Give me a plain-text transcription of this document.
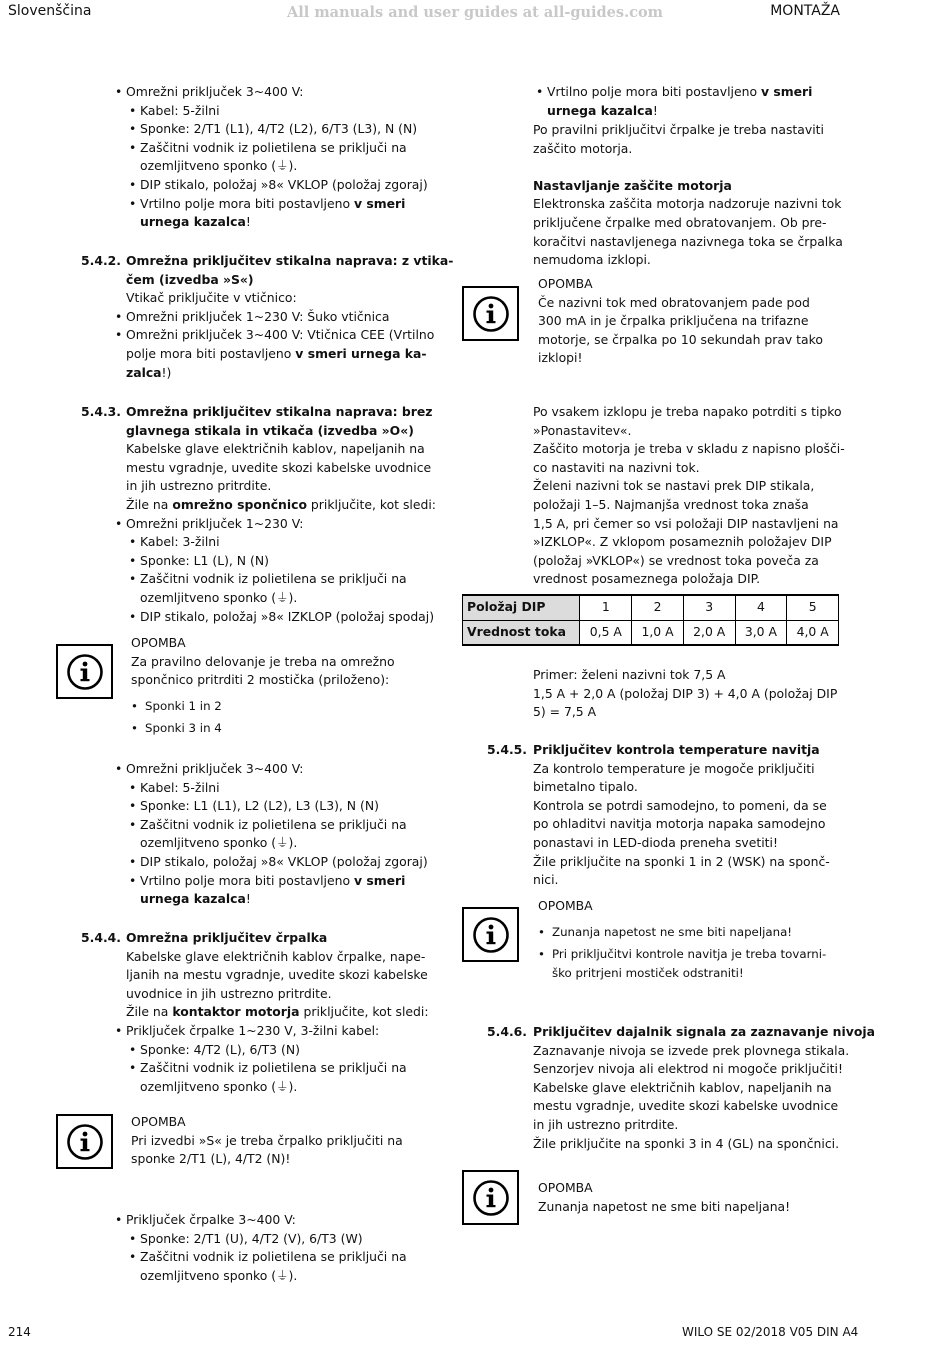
Slovenščina	All manuals and user guides at all-guides.com	MONTAŽA
• Omrežni priključek 3~400 V:
• Kabel: 5-žilni
• Sponke: 2/T1 (L1), 4/T2 (L2), 6/T3 (L3), N (N)
• Zaščitni vodnik iz polietilena se priključi na
ozemljitveno sponko (⏚).
• DIP stikalo, položaj »8« VKLOP (položaj zgoraj)
• Vrtilno polje mora biti postavljeno v smeri
urnega kazalca!
5.4.2. Omrežna priključitev stikalna naprava: z vtika-
čem (izvedba »S«)
Vtikač priključite v vtičnico:
• Omrežni priključek 1~230 V: Šuko vtičnica
• Omrežni priključek 3~400 V: Vtičnica CEE (Vrtilno
polje mora biti postavljeno v smeri urnega ka-
zalca!)
5.4.3. Omrežna priključitev stikalna naprava: brez
glavnega stikala in vtikača (izvedba »O«)
Kabelske glave električnih kablov, napeljanih na
mestu vgradnje, uvedite skozi kabelske uvodnice
in jih ustrezno pritrdite.
Žile na omrežno spončnico priključite, kot sledi:
• Omrežni priključek 1~230 V:
• Kabel: 3-žilni
• Sponke: L1 (L), N (N)
• Zaščitni vodnik iz polietilena se priključi na
ozemljitveno sponko (⏚).
• DIP stikalo, položaj »8« IZKLOP (položaj spodaj)
OPOMBA
Za pravilno delovanje je treba na omrežno
spončnico pritrditi 2 mostička (priloženo):
• Sponki 1 in 2
• Sponki 3 in 4
• Omrežni priključek 3~400 V:
• Kabel: 5-žilni
• Sponke: L1 (L1), L2 (L2), L3 (L3), N (N)
• Zaščitni vodnik iz polietilena se priključi na
ozemljitveno sponko (⏚).
• DIP stikalo, položaj »8« VKLOP (položaj zgoraj)
• Vrtilno polje mora biti postavljeno v smeri
urnega kazalca!
5.4.4. Omrežna priključitev črpalka
Kabelske glave električnih kablov črpalke, nape-
ljanih na mestu vgradnje, uvedite skozi kabelske
uvodnice in jih ustrezno pritrdite.
Žile na kontaktor motorja priključite, kot sledi:
• Priključek črpalke 1~230 V, 3-žilni kabel:
• Sponke: 4/T2 (L), 6/T3 (N)
• Zaščitni vodnik iz polietilena se priključi na
ozemljitveno sponko (⏚).
OPOMBA
Pri izvedbi »S« je treba črpalko priključiti na
sponke 2/T1 (L), 4/T2 (N)!
• Priključek črpalke 3~400 V:
• Sponke: 2/T1 (U), 4/T2 (V), 6/T3 (W)
• Zaščitni vodnik iz polietilena se priključi na
ozemljitveno sponko (⏚).
• Vrtilno polje mora biti postavljeno v smeri
urnega kazalca!
Po pravilni priključitvi črpalke je treba nastaviti
zaščito motorja.
Nastavljanje zaščite motorja
Elektronska zaščita motorja nadzoruje nazivni tok
priključene črpalke med obratovanjem. Ob pre-
koračitvi nastavljenega nazivnega toka se črpalka
nemudoma izklopi.
OPOMBA
Če nazivni tok med obratovanjem pade pod
300 mA in je črpalka priključena na trifazne
motorje, se črpalka po 10 sekundah prav tako
izklopi!
Po vsakem izklopu je treba napako potrditi s tipko
»Ponastavitev«.
Zaščito motorja je treba v skladu z napisno plošči-
co nastaviti na nazivni tok.
Želeni nazivni tok se nastavi prek DIP stikala,
položaji 1–5. Najmanjša vrednost toka znaša
1,5 A, pri čemer so vsi položaji DIP nastavljeni na
»IZKLOP«. Z vklopom posameznih položajev DIP
(položaj »VKLOP«) se vrednost toka poveča za
vrednost posameznega položaja DIP.
Položaj DIP	1	2	3	4	5
Vrednost toka	0,5 A	1,0 A	2,0 A	3,0 A	4,0 A
Primer: želeni nazivni tok 7,5 A
1,5 A + 2,0 A (položaj DIP 3) + 4,0 A (položaj DIP
5) = 7,5 A
5.4.5. Priključitev kontrola temperature navitja
Za kontrolo temperature je mogoče priključiti
bimetalno tipalo.
Kontrola se potrdi samodejno, to pomeni, da se
po ohladitvi navitja motorja napaka samodejno
ponastavi in LED-dioda preneha svetiti!
Žile priključite na sponki 1 in 2 (WSK) na sponč-
nici.
OPOMBA
• Zunanja napetost ne sme biti napeljana!
• Pri priključitvi kontrole navitja je treba tovarni-
ško pritrjeni mostiček odstraniti!
5.4.6. Priključitev dajalnik signala za zaznavanje nivoja
Zaznavanje nivoja se izvede prek plovnega stikala.
Senzorjev nivoja ali elektrod ni mogoče priključiti!
Kabelske glave električnih kablov, napeljanih na
mestu vgradnje, uvedite skozi kabelske uvodnice
in jih ustrezno pritrdite.
Žile priključite na sponki 3 in 4 (GL) na spončnici.
OPOMBA
Zunanja napetost ne sme biti napeljana!
214	WILO SE 02/2018 V05 DIN A4
